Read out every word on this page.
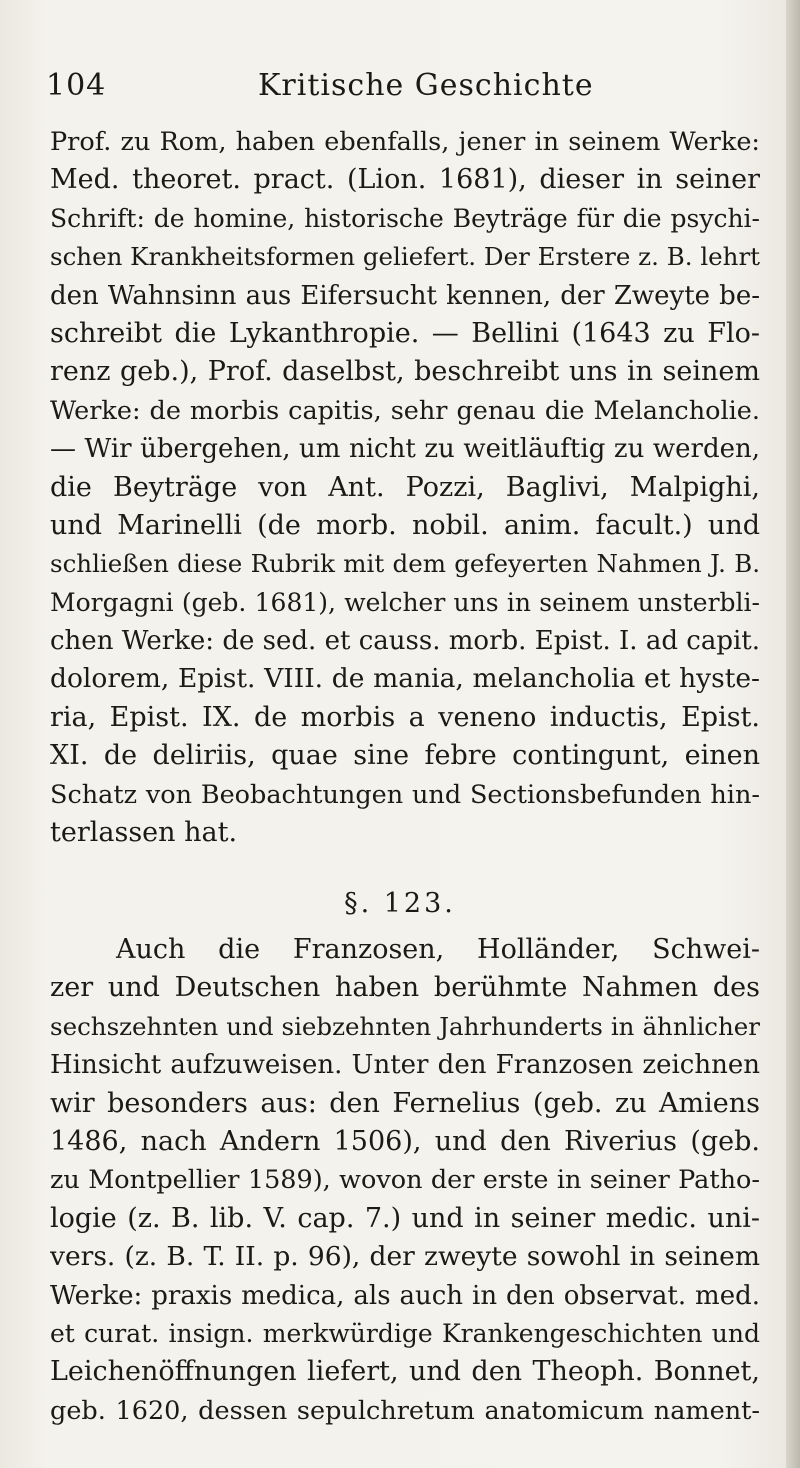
104	Kritische Geschichte
Prof. zu Rom, haben ebenfalls, jener in seinem Werke:
Med. theoret. pract. (Lion. 1681), dieser in seiner
Schrift: de homine, historische Beyträge für die psychi-
schen Krankheitsformen geliefert. Der Erstere z. B. lehrt
den Wahnsinn aus Eifersucht kennen, der Zweyte be-
schreibt die Lykanthropie. — Bellini (1643 zu Flo-
renz geb.), Prof. daselbst, beschreibt uns in seinem
Werke: de morbis capitis, sehr genau die Melancholie.
— Wir übergehen, um nicht zu weitläuftig zu werden,
die Beyträge von Ant. Pozzi, Baglivi, Malpighi,
und Marinelli (de morb. nobil. anim. facult.) und
schließen diese Rubrik mit dem gefeyerten Nahmen J. B.
Morgagni (geb. 1681), welcher uns in seinem unsterbli-
chen Werke: de sed. et causs. morb. Epist. I. ad capit.
dolorem, Epist. VIII. de mania, melancholia et hyste-
ria, Epist. IX. de morbis a veneno inductis, Epist.
XI. de deliriis, quae sine febre contingunt, einen
Schatz von Beobachtungen und Sectionsbefunden hin-
terlassen hat.
§. 123.
Auch die Franzosen, Holländer, Schwei-
zer und Deutschen haben berühmte Nahmen des
sechszehnten und siebzehnten Jahrhunderts in ähnlicher
Hinsicht aufzuweisen. Unter den Franzosen zeichnen
wir besonders aus: den Fernelius (geb. zu Amiens
1486, nach Andern 1506), und den Riverius (geb.
zu Montpellier 1589), wovon der erste in seiner Patho-
logie (z. B. lib. V. cap. 7.) und in seiner medic. uni-
vers. (z. B. T. II. p. 96), der zweyte sowohl in seinem
Werke: praxis medica, als auch in den observat. med.
et curat. insign. merkwürdige Krankengeschichten und
Leichenöffnungen liefert, und den Theoph. Bonnet,
geb. 1620, dessen sepulchretum anatomicum nament-
